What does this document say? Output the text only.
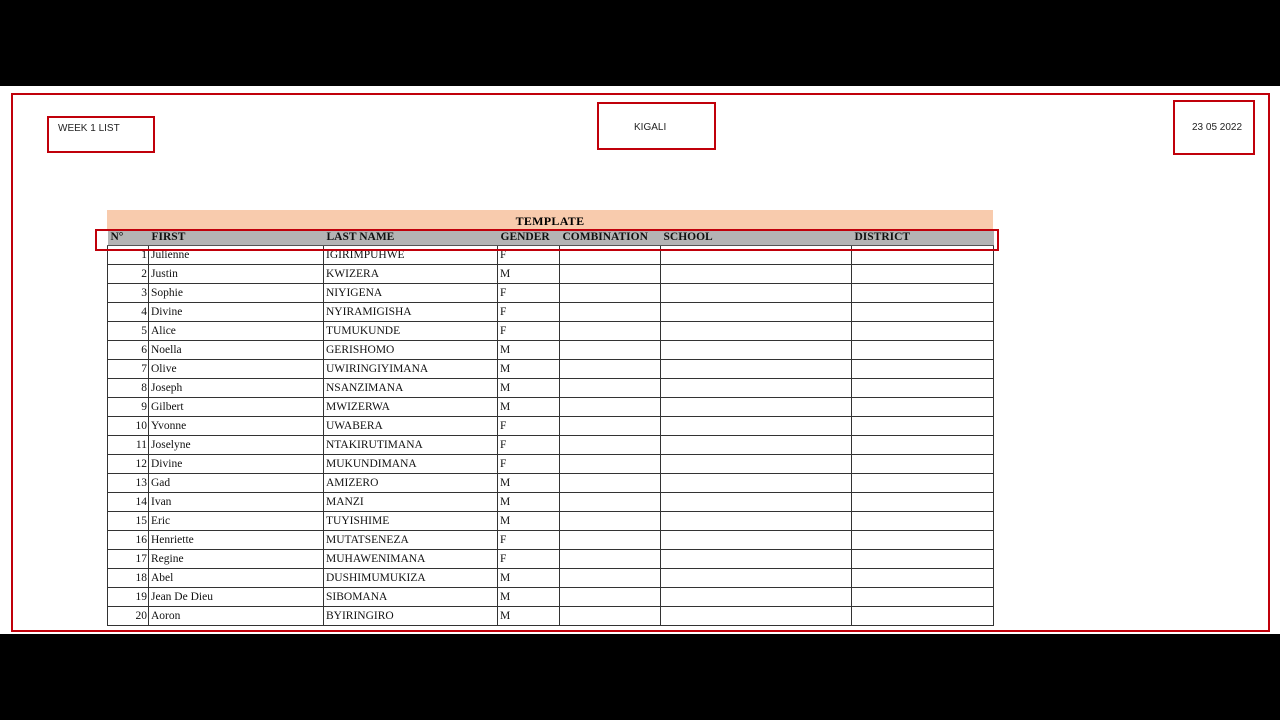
WEEK 1 LIST	KIGALI	23 05 2022
TEMPLATE
N°	FIRST	LAST NAME	GENDER	COMBINATION	SCHOOL	DISTRICT
1	Julienne	IGIRIMPUHWE	F			
2	Justin	KWIZERA	M			
3	Sophie	NIYIGENA	F			
4	Divine	NYIRAMIGISHA	F			
5	Alice	TUMUKUNDE	F			
6	Noella	GERISHOMO	M			
7	Olive	UWIRINGIYIMANA	M			
8	Joseph	NSANZIMANA	M			
9	Gilbert	MWIZERWA	M			
10	Yvonne	UWABERA	F			
11	Joselyne	NTAKIRUTIMANA	F			
12	Divine	MUKUNDIMANA	F			
13	Gad	AMIZERO	M			
14	Ivan	MANZI	M			
15	Eric	TUYISHIME	M			
16	Henriette	MUTATSENEZA	F			
17	Regine	MUHAWENIMANA	F			
18	Abel	DUSHIMUMUKIZA	M			
19	Jean De Dieu	SIBOMANA	M			
20	Aoron	BYIRINGIRO	M			
